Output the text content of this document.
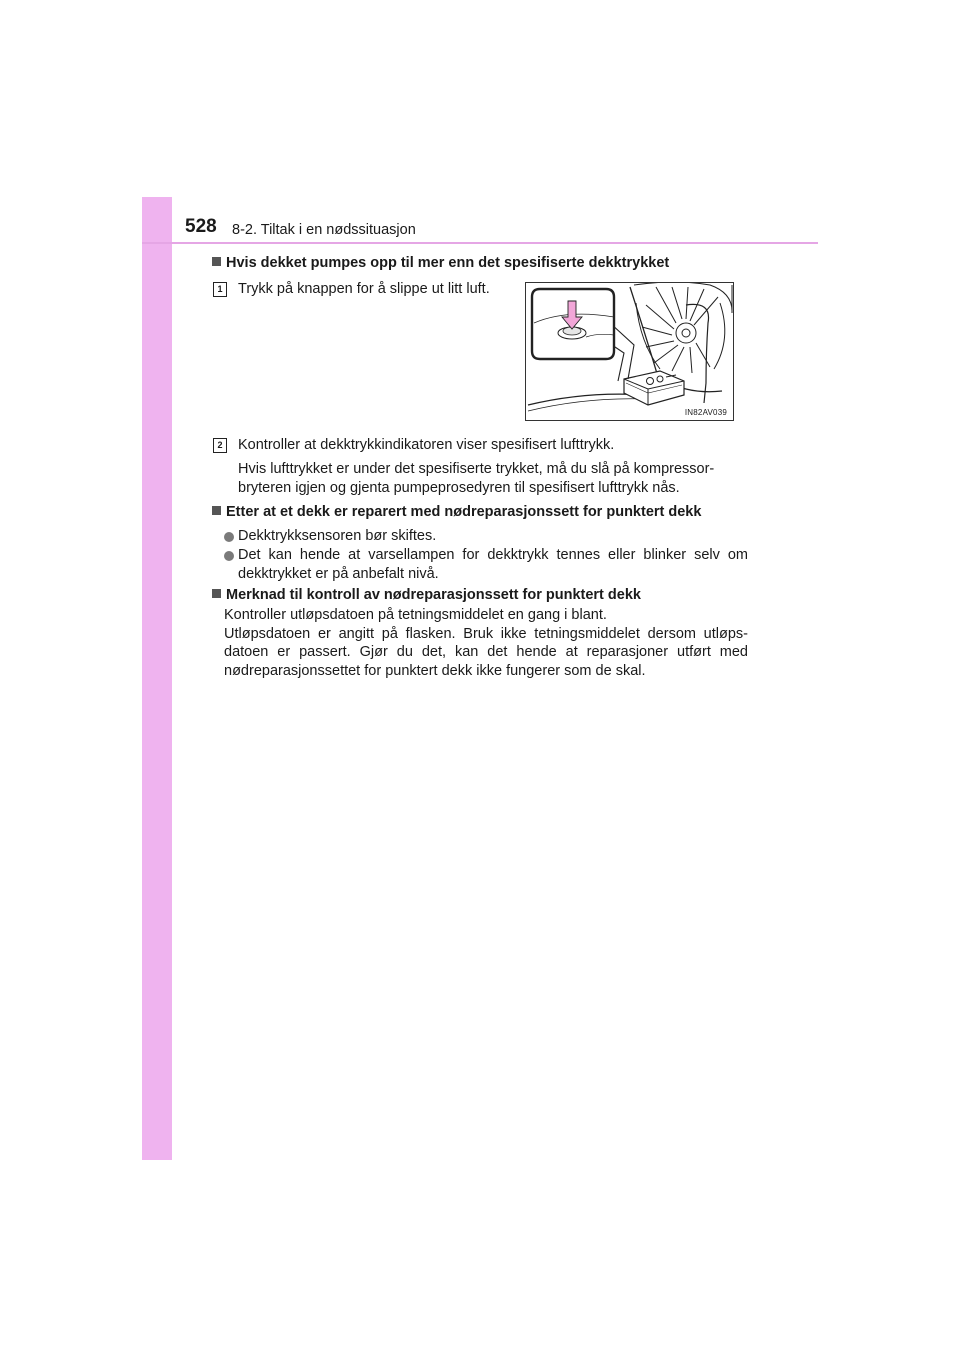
528 8-2. Tiltak i en nødssituasjon

Hvis dekket pumpes opp til mer enn det spesifiserte dekktrykket

1	Trykk på knappen for å slippe ut litt luft.

IN82AV039
2	Kontroller at dekktrykkindikatoren viser spesifisert lufttrykk.

Hvis lufttrykket er under det spesifiserte trykket, må du slå på kompressor-

bryteren igjen og gjenta pumpeprosedyren til spesifisert lufttrykk nås.

Etter at et dekk er reparert med nødreparasjonssett for punktert dekk

Dekktrykksensoren bør skiftes.
Det kan hende at varsellampen for dekktrykk tennes eller blinker selv om
dekktrykket er på anbefalt nivå.

Merknad til kontroll av nødreparasjonssett for punktert dekk

Kontroller utløpsdatoen på tetningsmiddelet en gang i blant.

Utløpsdatoen er angitt på flasken. Bruk ikke tetningsmiddelet dersom utløps-

datoen er passert. Gjør du det, kan det hende at reparasjoner utført med

nødreparasjonssettet for punktert dekk ikke fungerer som de skal.
